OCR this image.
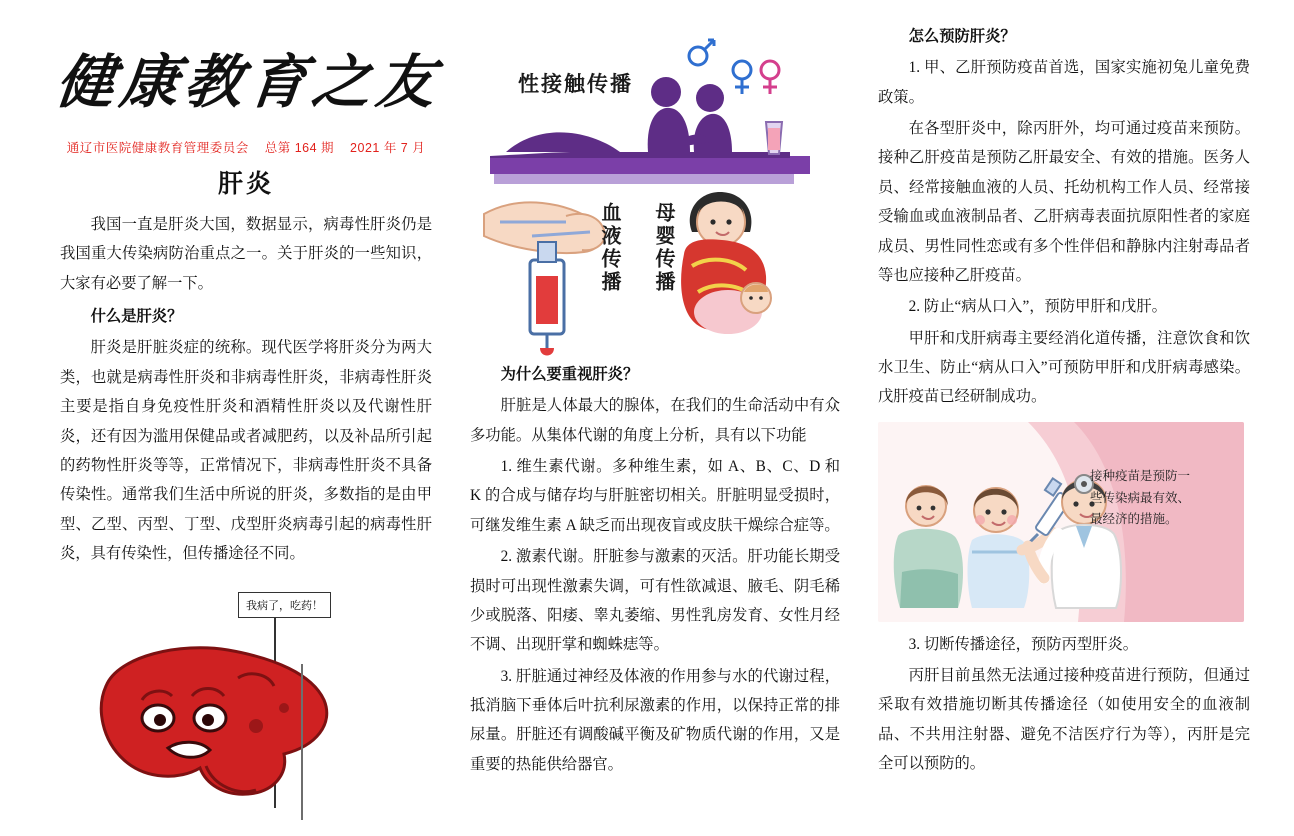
健康教育之友
通辽市医院健康教育管理委员会 总第 164 期 2021 年 7 月
肝炎

我国一直是肝炎大国，数据显示，病毒性肝炎仍是我国重大传染病防治重点之一。关于肝炎的一些知识，大家有必要了解一下。

什么是肝炎？

肝炎是肝脏炎症的统称。现代医学将肝炎分为两大类，也就是病毒性肝炎和非病毒性肝炎，非病毒性肝炎主要是指自身免疫性肝炎和酒精性肝炎以及代谢性肝炎，还有因为滥用保健品或者减肥药，以及补品所引起的药物性肝炎等等，正常情况下，非病毒性肝炎不具备传染性。通常我们生活中所说的肝炎，多数指的是由甲型、乙型、丙型、丁型、戊型肝炎病毒引起的病毒性肝炎，具有传染性，但传播途径不同。

我病了，吃药！
性接触传播
血液传播 母婴传播

为什么要重视肝炎？

肝脏是人体最大的腺体，在我们的生命活动中有众多功能。从集体代谢的角度上分析，具有以下功能

1. 维生素代谢。多种维生素，如 A、B、C、D 和 K 的合成与储存均与肝脏密切相关。肝脏明显受损时，可继发维生素 A 缺乏而出现夜盲或皮肤干燥综合症等。

2. 激素代谢。肝脏参与激素的灭活。肝功能长期受损时可出现性激素失调，可有性欲减退、腋毛、阴毛稀少或脱落、阳痿、睾丸萎缩、男性乳房发育、女性月经不调、出现肝掌和蜘蛛痣等。

3. 肝脏通过神经及体液的作用参与水的代谢过程，抵消脑下垂体后叶抗利尿激素的作用，以保持正常的排尿量。肝脏还有调酸碱平衡及矿物质代谢的作用，又是重要的热能供给器官。

怎么预防肝炎？

1. 甲、乙肝预防疫苗首选，国家实施初兔儿童免费政策。

在各型肝炎中，除丙肝外，均可通过疫苗来预防。接种乙肝疫苗是预防乙肝最安全、有效的措施。医务人员、经常接触血液的人员、托幼机构工作人员、经常接受输血或血液制品者、乙肝病毒表面抗原阳性者的家庭成员、男性同性恋或有多个性伴侣和静脉内注射毒品者等也应接种乙肝疫苗。

2. 防止“病从口入”，预防甲肝和戊肝。

甲肝和戊肝病毒主要经消化道传播，注意饮食和饮水卫生、防止“病从口入”可预防甲肝和戊肝病毒感染。戊肝疫苗已经研制成功。

接种疫苗是预防一
些传染病最有效、
最经济的措施。

3. 切断传播途径，预防丙型肝炎。

丙肝目前虽然无法通过接种疫苗进行预防，但通过采取有效措施切断其传播途径（如使用安全的血液制品、不共用注射器、避免不洁医疗行为等），丙肝是完全可以预防的。
